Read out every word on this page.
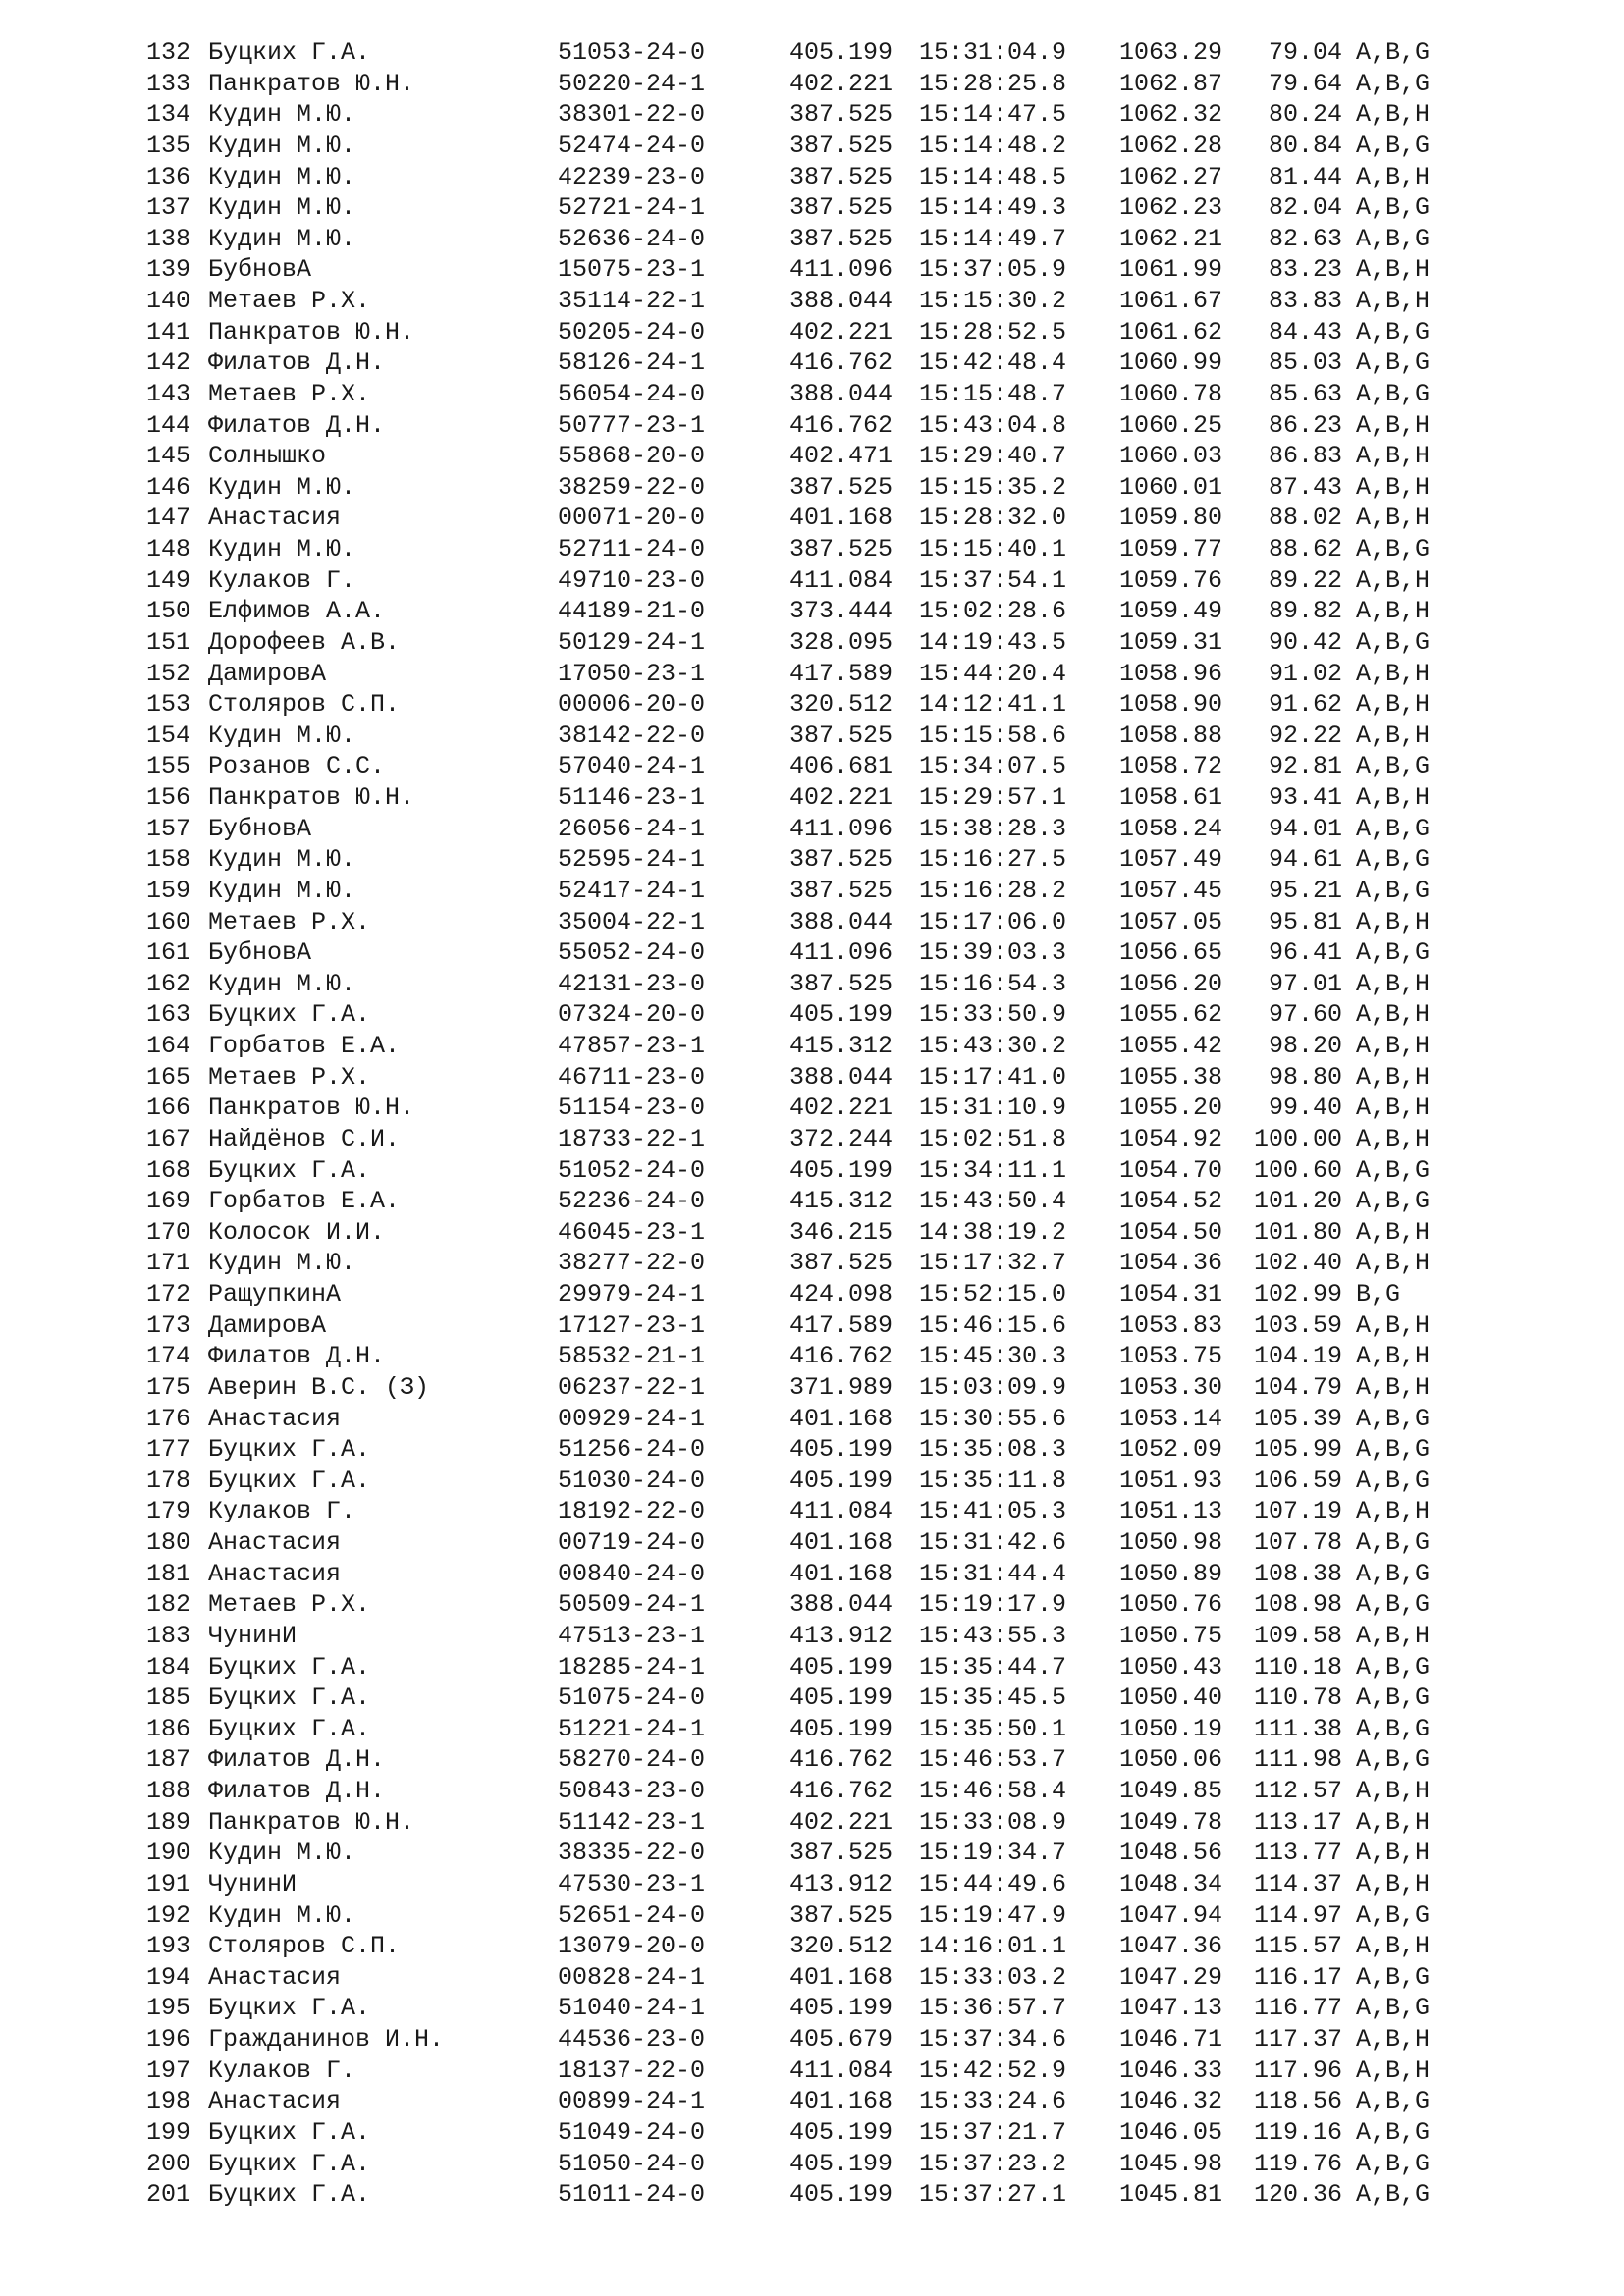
132 Буцких Г.А.	51053-24-0	405.199 15:31:04.9 1063.29	79.04 A,B,G
133 Панкратов Ю.Н.	50220-24-1	402.221 15:28:25.8 1062.87	79.64 A,B,G
134 Кудин М.Ю.	38301-22-0	387.525 15:14:47.5 1062.32	80.24 A,B,H
135 Кудин М.Ю.	52474-24-0	387.525 15:14:48.2 1062.28	80.84 A,B,G
136 Кудин М.Ю.	42239-23-0	387.525 15:14:48.5 1062.27	81.44 A,B,H
137 Кудин М.Ю.	52721-24-1	387.525 15:14:49.3 1062.23	82.04 A,B,G
138 Кудин М.Ю.	52636-24-0	387.525 15:14:49.7 1062.21	82.63 A,B,G
139 БубновА	15075-23-1	411.096 15:37:05.9 1061.99	83.23 A,B,H
140 Метаев Р.Х.	35114-22-1	388.044 15:15:30.2 1061.67	83.83 A,B,H
141 Панкратов Ю.Н.	50205-24-0	402.221 15:28:52.5 1061.62	84.43 A,B,G
142 Филатов Д.Н.	58126-24-1	416.762 15:42:48.4 1060.99	85.03 A,B,G
143 Метаев Р.Х.	56054-24-0	388.044 15:15:48.7 1060.78	85.63 A,B,G
144 Филатов Д.Н.	50777-23-1	416.762 15:43:04.8 1060.25	86.23 A,B,H
145 Солнышко	55868-20-0	402.471 15:29:40.7 1060.03	86.83 A,B,H
146 Кудин М.Ю.	38259-22-0	387.525 15:15:35.2 1060.01	87.43 A,B,H
147 Анастасия	00071-20-0	401.168 15:28:32.0 1059.80	88.02 A,B,H
148 Кудин М.Ю.	52711-24-0	387.525 15:15:40.1 1059.77	88.62 A,B,G
149 Кулаков Г.	49710-23-0	411.084 15:37:54.1 1059.76	89.22 A,B,H
150 Елфимов А.А.	44189-21-0	373.444 15:02:28.6 1059.49	89.82 A,B,H
151 Дорофеев А.В.	50129-24-1	328.095 14:19:43.5 1059.31	90.42 A,B,G
152 ДамировА	17050-23-1	417.589 15:44:20.4 1058.96	91.02 A,B,H
153 Столяров С.П.	00006-20-0	320.512 14:12:41.1 1058.90	91.62 A,B,H
154 Кудин М.Ю.	38142-22-0	387.525 15:15:58.6 1058.88	92.22 A,B,H
155 Розанов С.С.	57040-24-1	406.681 15:34:07.5 1058.72	92.81 A,B,G
156 Панкратов Ю.Н.	51146-23-1	402.221 15:29:57.1 1058.61	93.41 A,B,H
157 БубновА	26056-24-1	411.096 15:38:28.3 1058.24	94.01 A,B,G
158 Кудин М.Ю.	52595-24-1	387.525 15:16:27.5 1057.49	94.61 A,B,G
159 Кудин М.Ю.	52417-24-1	387.525 15:16:28.2 1057.45	95.21 A,B,G
160 Метаев Р.Х.	35004-22-1	388.044 15:17:06.0 1057.05	95.81 A,B,H
161 БубновА	55052-24-0	411.096 15:39:03.3 1056.65	96.41 A,B,G
162 Кудин М.Ю.	42131-23-0	387.525 15:16:54.3 1056.20	97.01 A,B,H
163 Буцких Г.А.	07324-20-0	405.199 15:33:50.9 1055.62	97.60 A,B,H
164 Горбатов Е.А.	47857-23-1	415.312 15:43:30.2 1055.42	98.20 A,B,H
165 Метаев Р.Х.	46711-23-0	388.044 15:17:41.0 1055.38	98.80 A,B,H
166 Панкратов Ю.Н.	51154-23-0	402.221 15:31:10.9 1055.20	99.40 A,B,H
167 Найдёнов С.И.	18733-22-1	372.244 15:02:51.8 1054.92	100.00 A,B,H
168 Буцких Г.А.	51052-24-0	405.199 15:34:11.1 1054.70	100.60 A,B,G
169 Горбатов Е.А.	52236-24-0	415.312 15:43:50.4 1054.52	101.20 A,B,G
170 Колосок И.И.	46045-23-1	346.215 14:38:19.2 1054.50	101.80 A,B,H
171 Кудин М.Ю.	38277-22-0	387.525 15:17:32.7 1054.36	102.40 A,B,H
172 РащупкинА	29979-24-1	424.098 15:52:15.0 1054.31	102.99 B,G
173 ДамировА	17127-23-1	417.589 15:46:15.6 1053.83	103.59 A,B,H
174 Филатов Д.Н.	58532-21-1	416.762 15:45:30.3 1053.75	104.19 A,B,H
175 Аверин В.С. (З)	06237-22-1	371.989 15:03:09.9 1053.30	104.79 A,B,H
176 Анастасия	00929-24-1	401.168 15:30:55.6 1053.14	105.39 A,B,G
177 Буцких Г.А.	51256-24-0	405.199 15:35:08.3 1052.09	105.99 A,B,G
178 Буцких Г.А.	51030-24-0	405.199 15:35:11.8 1051.93	106.59 A,B,G
179 Кулаков Г.	18192-22-0	411.084 15:41:05.3 1051.13	107.19 A,B,H
180 Анастасия	00719-24-0	401.168 15:31:42.6 1050.98	107.78 A,B,G
181 Анастасия	00840-24-0	401.168 15:31:44.4 1050.89	108.38 A,B,G
182 Метаев Р.Х.	50509-24-1	388.044 15:19:17.9 1050.76	108.98 A,B,G
183 ЧунинИ	47513-23-1	413.912 15:43:55.3 1050.75	109.58 A,B,H
184 Буцких Г.А.	18285-24-1	405.199 15:35:44.7 1050.43	110.18 A,B,G
185 Буцких Г.А.	51075-24-0	405.199 15:35:45.5 1050.40	110.78 A,B,G
186 Буцких Г.А.	51221-24-1	405.199 15:35:50.1 1050.19	111.38 A,B,G
187 Филатов Д.Н.	58270-24-0	416.762 15:46:53.7 1050.06	111.98 A,B,G
188 Филатов Д.Н.	50843-23-0	416.762 15:46:58.4 1049.85	112.57 A,B,H
189 Панкратов Ю.Н.	51142-23-1	402.221 15:33:08.9 1049.78	113.17 A,B,H
190 Кудин М.Ю.	38335-22-0	387.525 15:19:34.7 1048.56	113.77 A,B,H
191 ЧунинИ	47530-23-1	413.912 15:44:49.6 1048.34	114.37 A,B,H
192 Кудин М.Ю.	52651-24-0	387.525 15:19:47.9 1047.94	114.97 A,B,G
193 Столяров С.П.	13079-20-0	320.512 14:16:01.1 1047.36	115.57 A,B,H
194 Анастасия	00828-24-1	401.168 15:33:03.2 1047.29	116.17 A,B,G
195 Буцких Г.А.	51040-24-1	405.199 15:36:57.7 1047.13	116.77 A,B,G
196 Гражданинов И.Н.	44536-23-0	405.679 15:37:34.6 1046.71	117.37 A,B,H
197 Кулаков Г.	18137-22-0	411.084 15:42:52.9 1046.33	117.96 A,B,H
198 Анастасия	00899-24-1	401.168 15:33:24.6 1046.32	118.56 A,B,G
199 Буцких Г.А.	51049-24-0	405.199 15:37:21.7 1046.05	119.16 A,B,G
200 Буцких Г.А.	51050-24-0	405.199 15:37:23.2 1045.98	119.76 A,B,G
201 Буцких Г.А.	51011-24-0	405.199 15:37:27.1 1045.81	120.36 A,B,G
